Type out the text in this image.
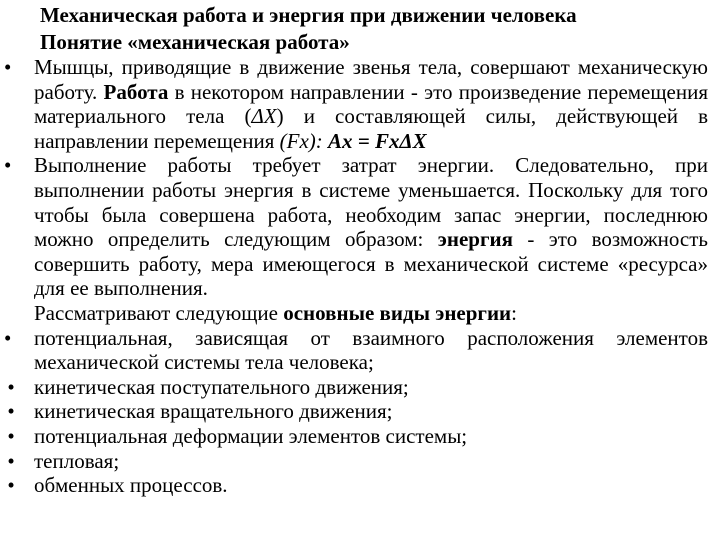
Механическая работа и энергия при движении человека
Понятие «механическая работа»
•	Мышцы, приводящие в движение звенья тела, совершают механическую работу. Работа в некотором направлении - это произведение перемещения материального тела (ΔX) и составляющей силы, действующей в направлении перемещения (Fx): Ax = FxΔX
•	Выполнение работы требует затрат энергии. Следовательно, при выполнении работы энергия в системе уменьшается. Поскольку для того чтобы была совершена работа, необходим запас энергии, последнюю можно определить следующим образом: энергия - это возможность совершить работу, мера имеющегося в механической системе «ресурса» для ее выполнения.
Рассматривают следующие основные виды энергии:
•	потенциальная, зависящая от взаимного расположения элементов механической системы тела человека;
• кинетическая поступательного движения;
• кинетическая вращательного движения;
• потенциальная деформации элементов системы;
• тепловая;
• обменных процессов.
